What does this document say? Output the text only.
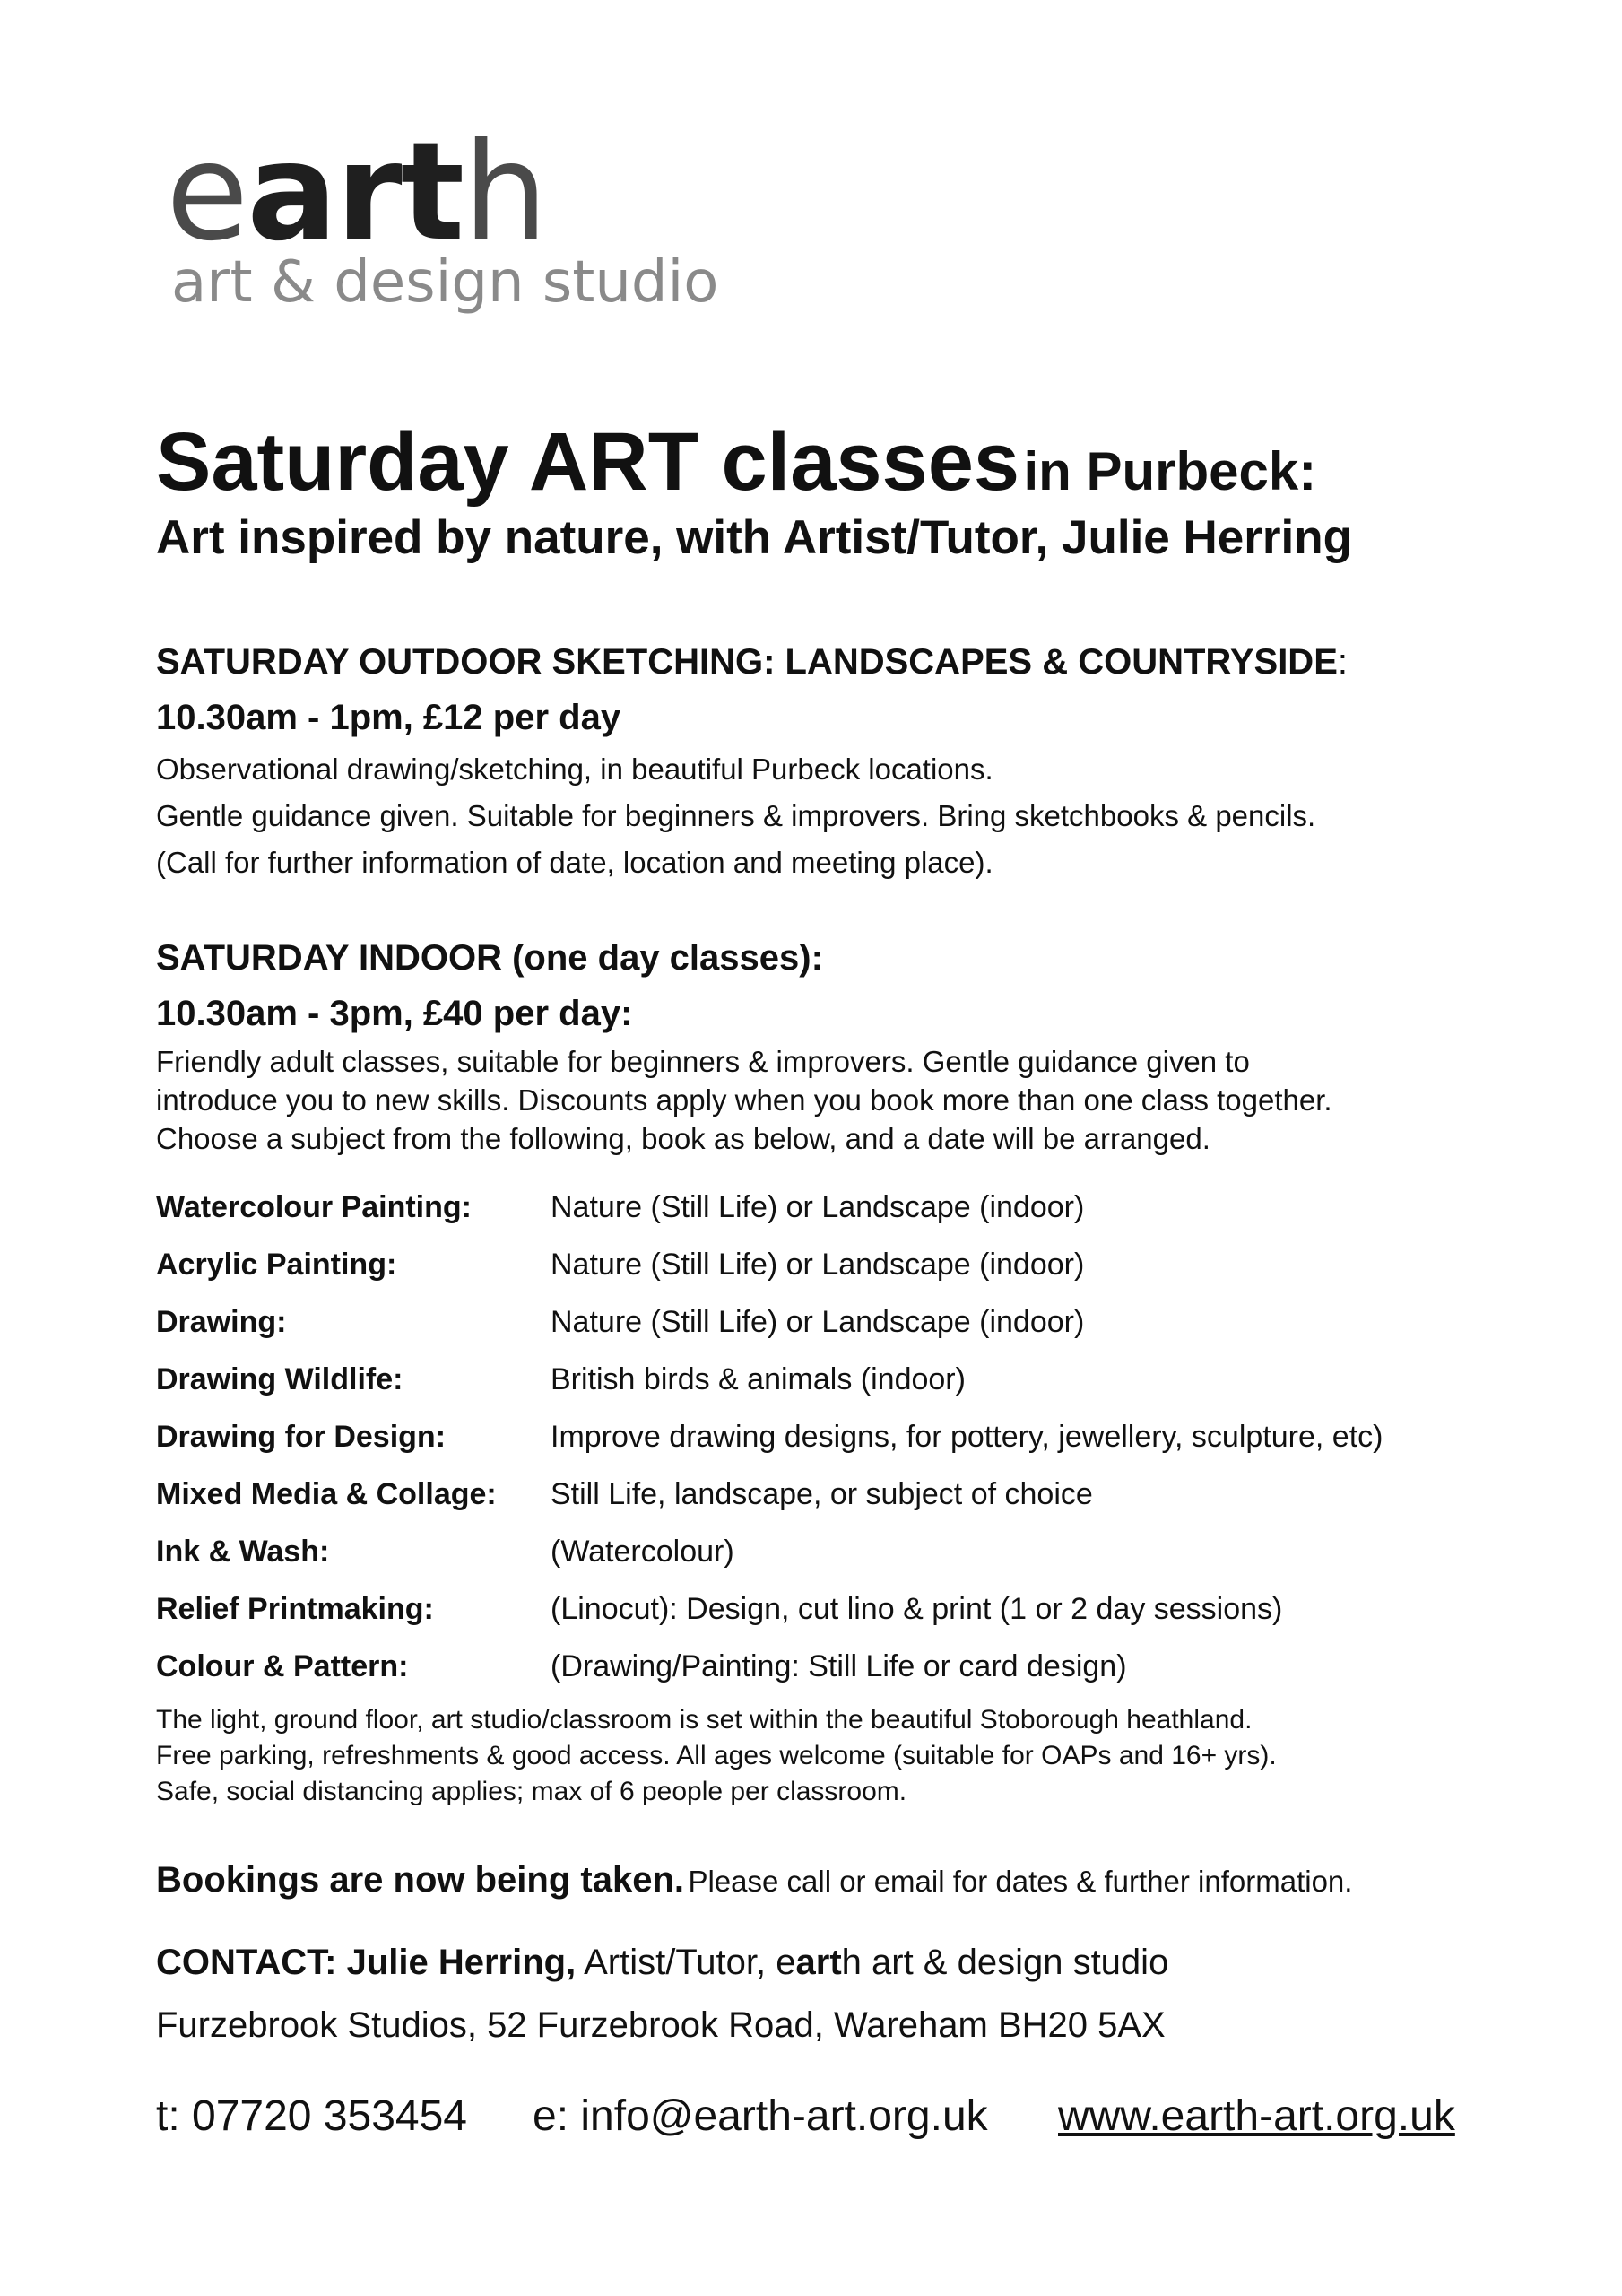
earth
art & design studio
Saturday ART classes in Purbeck:
Art inspired by nature, with Artist/Tutor, Julie Herring
SATURDAY OUTDOOR SKETCHING: LANDSCAPES & COUNTRYSIDE:
10.30am - 1pm, £12 per day
Observational drawing/sketching, in beautiful Purbeck locations.
Gentle guidance given. Suitable for beginners & improvers. Bring sketchbooks & pencils.
(Call for further information of date, location and meeting place).
SATURDAY INDOOR (one day classes):
10.30am - 3pm, £40 per day:
Friendly adult classes, suitable for beginners & improvers. Gentle guidance given to
introduce you to new skills. Discounts apply when you book more than one class together.
Choose a subject from the following, book as below, and a date will be arranged.
Watercolour Painting:	Nature (Still Life) or Landscape (indoor)
Acrylic Painting:	Nature (Still Life) or Landscape (indoor)
Drawing:	Nature (Still Life) or Landscape (indoor)
Drawing Wildlife:	British birds & animals (indoor)
Drawing for Design:	Improve drawing designs, for pottery, jewellery, sculpture, etc)
Mixed Media & Collage: Still Life, landscape, or subject of choice
Ink & Wash:	(Watercolour)
Relief Printmaking:	(Linocut): Design, cut lino & print (1 or 2 day sessions)
Colour & Pattern:	(Drawing/Painting: Still Life or card design)
The light, ground floor, art studio/classroom is set within the beautiful Stoborough heathland.
Free parking, refreshments & good access. All ages welcome (suitable for OAPs and 16+ yrs).
Safe, social distancing applies; max of 6 people per classroom.
Bookings are now being taken. Please call or email for dates & further information.
CONTACT: Julie Herring, Artist/Tutor, earth art & design studio
Furzebrook Studios, 52 Furzebrook Road, Wareham BH20 5AX
t: 07720 353454 e: info@earth-art.org.uk www.earth-art.org.uk
